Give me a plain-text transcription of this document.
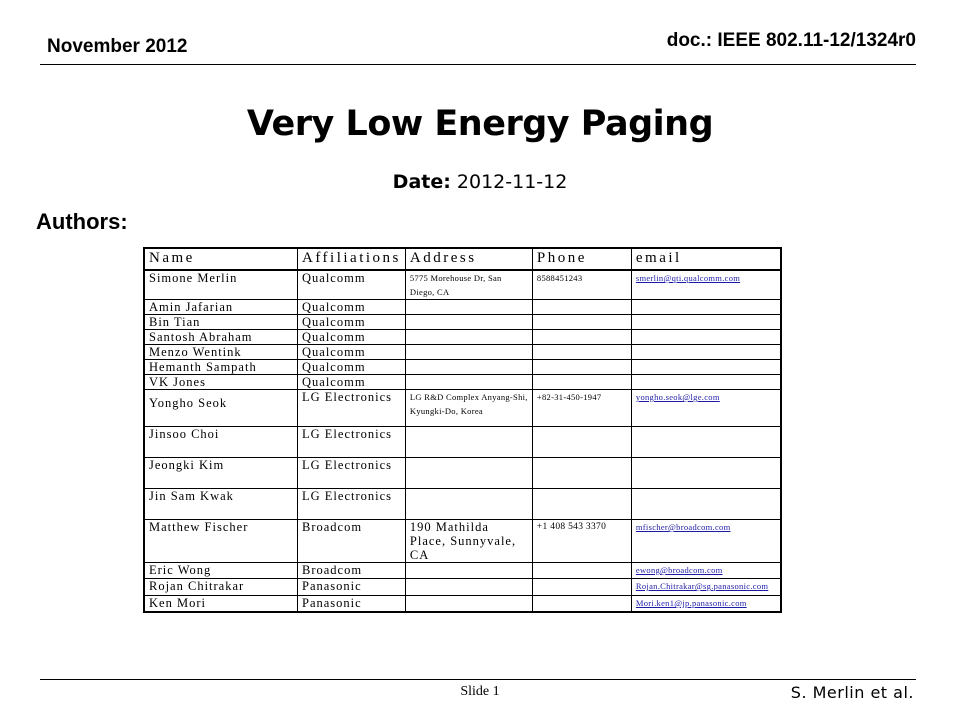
November 2012	doc.: IEEE 802.11-12/1324r0
Very Low Energy Paging
Date: 2012-11-12
Authors:
Name	Affiliations	Address	Phone	email
Simone Merlin	Qualcomm	5775 Morehouse Dr, San Diego, CA	8588451243	smerlin@qti.qualcomm.com
Amin Jafarian	Qualcomm			
Bin Tian	Qualcomm			
Santosh Abraham	Qualcomm			
Menzo Wentink	Qualcomm			
Hemanth Sampath	Qualcomm			
VK Jones	Qualcomm			
Yongho Seok	LG Electronics	LG R&D Complex Anyang-Shi, Kyungki-Do, Korea	+82-31-450-1947	yongho.seok@lge.com
Jinsoo Choi	LG Electronics			
Jeongki Kim	LG Electronics			
Jin Sam Kwak	LG Electronics			
Matthew Fischer	Broadcom	190 Mathilda Place, Sunnyvale, CA	+1 408 543 3370	mfischer@broadcom.com
Eric Wong	Broadcom			ewong@broadcom.com
Rojan Chitrakar	Panasonic			Rojan.Chitrakar@sg.panasonic.com
Ken Mori	Panasonic			Mori.ken1@jp.panasonic.com
Slide 1	S. Merlin et al.
